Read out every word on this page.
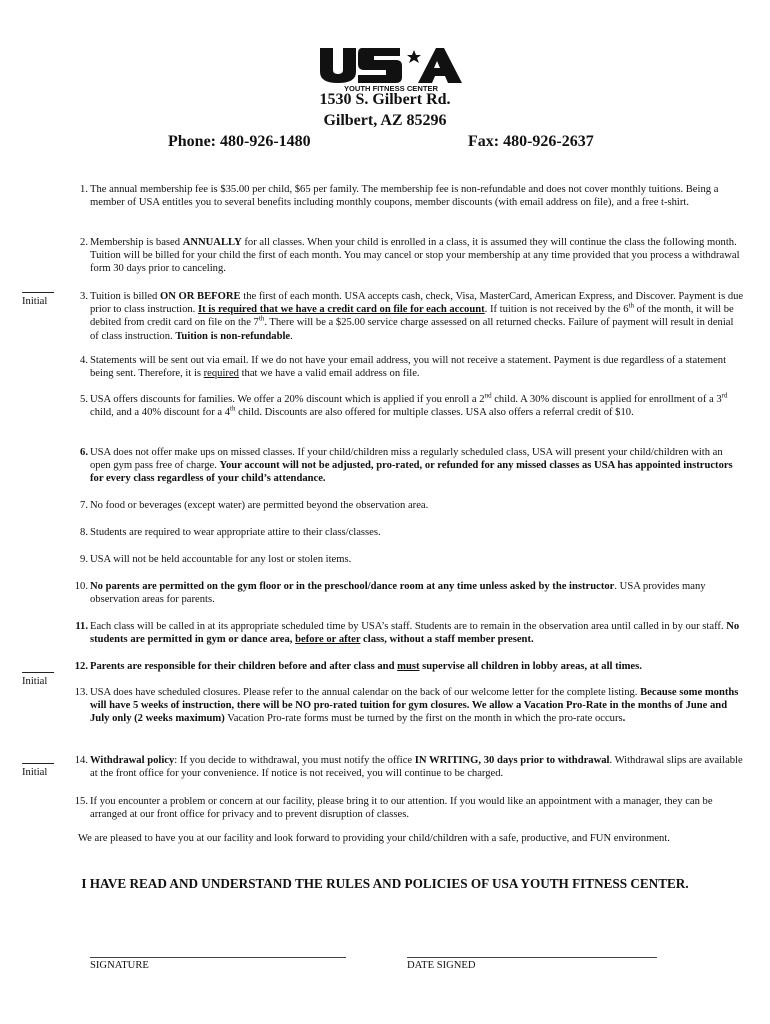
YOUTH FITNESS CENTER
1530 S. Gilbert Rd.
Gilbert, AZ 85296
Phone: 480-926-1480	Fax: 480-926-2637
1. The annual membership fee is $35.00 per child, $65 per family. The membership fee is non-refundable and does not cover monthly tuitions. Being a member of USA entitles you to several benefits including monthly coupons, member discounts (with email address on file), and a free t-shirt.
2. Membership is based ANNUALLY for all classes. When your child is enrolled in a class, it is assumed they will continue the class the following month. Tuition will be billed for your child the first of each month. You may cancel or stop your membership at any time provided that you process a withdrawal form 30 days prior to canceling.
Initial	3. Tuition is billed ON OR BEFORE the first of each month. USA accepts cash, check, Visa, MasterCard, American Express, and Discover. Payment is due prior to class instruction. It is required that we have a credit card on file for each account. If tuition is not received by the 6th of the month, it will be debited from credit card on file on the 7th. There will be a $25.00 service charge assessed on all returned checks. Failure of payment will result in denial of class instruction. Tuition is non-refundable.
4. Statements will be sent out via email. If we do not have your email address, you will not receive a statement. Payment is due regardless of a statement being sent. Therefore, it is required that we have a valid email address on file.
5. USA offers discounts for families. We offer a 20% discount which is applied if you enroll a 2nd child. A 30% discount is applied for enrollment of a 3rd child, and a 40% discount for a 4th child. Discounts are also offered for multiple classes. USA also offers a referral credit of $10.
6. USA does not offer make ups on missed classes. If your child/children miss a regularly scheduled class, USA will present your child/children with an open gym pass free of charge. Your account will not be adjusted, pro-rated, or refunded for any missed classes as USA has appointed instructors for every class regardless of your child’s attendance.
7. No food or beverages (except water) are permitted beyond the observation area.
8. Students are required to wear appropriate attire to their class/classes.
9. USA will not be held accountable for any lost or stolen items.
10. No parents are permitted on the gym floor or in the preschool/dance room at any time unless asked by the instructor. USA provides many observation areas for parents.
11. Each class will be called in at its appropriate scheduled time by USA’s staff. Students are to remain in the observation area until called in by our staff. No students are permitted in gym or dance area, before or after class, without a staff member present.
Initial
12. Parents are responsible for their children before and after class and must supervise all children in lobby areas, at all times.
13. USA does have scheduled closures. Please refer to the annual calendar on the back of our welcome letter for the complete listing. Because some months will have 5 weeks of instruction, there will be NO pro-rated tuition for gym closures. We allow a Vacation Pro-Rate in the months of June and July only (2 weeks maximum) Vacation Pro-rate forms must be turned by the first on the month in which the pro-rate occurs.
Initial
14. Withdrawal policy: If you decide to withdrawal, you must notify the office IN WRITING, 30 days prior to withdrawal. Withdrawal slips are available at the front office for your convenience. If notice is not received, you will continue to be charged.
15. If you encounter a problem or concern at our facility, please bring it to our attention. If you would like an appointment with a manager, they can be arranged at our front office for privacy and to prevent disruption of classes.
We are pleased to have you at our facility and look forward to providing your child/children with a safe, productive, and FUN environment.
I HAVE READ AND UNDERSTAND THE RULES AND POLICIES OF USA YOUTH FITNESS CENTER.
SIGNATURE	DATE SIGNED
